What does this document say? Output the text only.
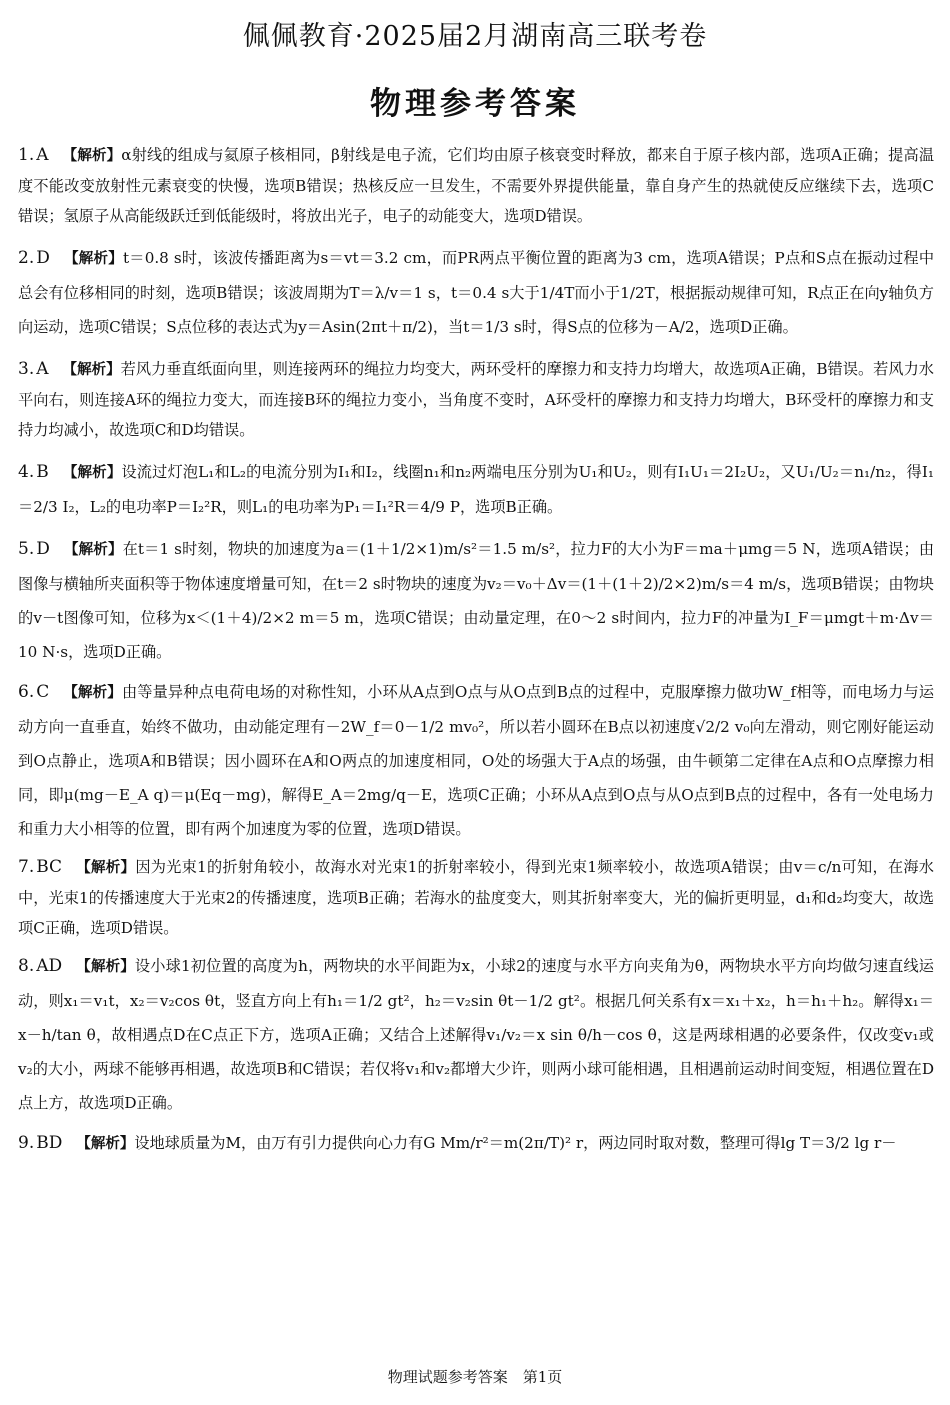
佩佩教育·2025届2月湖南高三联考卷
物理参考答案
1. A 【解析】α射线的组成与氦原子核相同，β射线是电子流，它们均由原子核衰变时释放，都来自于原子核内部，选项A正确；提高温度不能改变放射性元素衰变的快慢，选项B错误；热核反应一旦发生，不需要外界提供能量，靠自身产生的热就使反应继续下去，选项C错误；氢原子从高能级跃迁到低能级时，将放出光子，电子的动能变大，选项D错误。
2. D 【解析】t＝0.8 s时，该波传播距离为s＝vt＝3.2 cm，而PR两点平衡位置的距离为3 cm，选项A错误；P点和S点在振动过程中总会有位移相同的时刻，选项B错误；该波周期为T＝λ/v＝1 s，t＝0.4 s大于1/4T而小于1/2T，根据振动规律可知，R点正在向y轴负方向运动，选项C错误；S点位移的表达式为y＝Asin(2πt＋π/2)，当t＝1/3 s时，得S点的位移为－A/2，选项D正确。
3. A 【解析】若风力垂直纸面向里，则连接两环的绳拉力均变大，两环受杆的摩擦力和支持力均增大，故选项A正确，B错误。若风力水平向右，则连接A环的绳拉力变大，而连接B环的绳拉力变小，当角度不变时，A环受杆的摩擦力和支持力均增大，B环受杆的摩擦力和支持力均减小，故选项C和D均错误。
4. B 【解析】设流过灯泡L₁和L₂的电流分别为I₁和I₂，线圈n₁和n₂两端电压分别为U₁和U₂，则有I₁U₁＝2I₂U₂，又U₁/U₂＝n₁/n₂，得I₁＝2/3 I₂，L₂的电功率P＝I₂²R，则L₁的电功率为P₁＝I₁²R＝4/9 P，选项B正确。
5. D 【解析】在t＝1 s时刻，物块的加速度为a＝(1＋1/2×1)m/s²＝1.5 m/s²，拉力F的大小为F＝ma＋μmg＝5 N，选项A错误；由图像与横轴所夹面积等于物体速度增量可知，在t＝2 s时物块的速度为v₂＝v₀＋Δv＝(1＋(1＋2)/2×2)m/s＝4 m/s，选项B错误；由物块的v－t图像可知，位移为x＜(1＋4)/2×2 m＝5 m，选项C错误；由动量定理，在0～2 s时间内，拉力F的冲量为I_F＝μmgt＋m·Δv＝10 N·s，选项D正确。
6. C 【解析】由等量异种点电荷电场的对称性知，小环从A点到O点与从O点到B点的过程中，克服摩擦力做功W_f相等，而电场力与运动方向一直垂直，始终不做功，由动能定理有－2W_f＝0－1/2 mv₀²，所以若小圆环在B点以初速度√2/2 v₀向左滑动，则它刚好能运动到O点静止，选项A和B错误；因小圆环在A和O两点的加速度相同，O处的场强大于A点的场强，由牛顿第二定律在A点和O点摩擦力相同，即μ(mg－E_A q)＝μ(Eq－mg)，解得E_A＝2mg/q－E，选项C正确；小环从A点到O点与从O点到B点的过程中，各有一处电场力和重力大小相等的位置，即有两个加速度为零的位置，选项D错误。
7. BC 【解析】因为光束1的折射角较小，故海水对光束1的折射率较小，得到光束1频率较小，故选项A错误；由v＝c/n可知，在海水中，光束1的传播速度大于光束2的传播速度，选项B正确；若海水的盐度变大，则其折射率变大，光的偏折更明显，d₁和d₂均变大，故选项C正确，选项D错误。
8. AD 【解析】设小球1初位置的高度为h，两物块的水平间距为x，小球2的速度与水平方向夹角为θ，两物块水平方向均做匀速直线运动，则x₁＝v₁t，x₂＝v₂cos θt，竖直方向上有h₁＝1/2 gt²，h₂＝v₂sin θt－1/2 gt²。根据几何关系有x＝x₁＋x₂，h＝h₁＋h₂。解得x₁＝x－h/tan θ，故相遇点D在C点正下方，选项A正确；又结合上述解得v₁/v₂＝x sin θ/h－cos θ，这是两球相遇的必要条件，仅改变v₁或v₂的大小，两球不能够再相遇，故选项B和C错误；若仅将v₁和v₂都增大少许，则两小球可能相遇，且相遇前运动时间变短，相遇位置在D点上方，故选项D正确。
9. BD 【解析】设地球质量为M，由万有引力提供向心力有G Mm/r²＝m(2π/T)² r，两边同时取对数，整理可得lg T＝3/2 lg r－
物理试题参考答案　第1页
